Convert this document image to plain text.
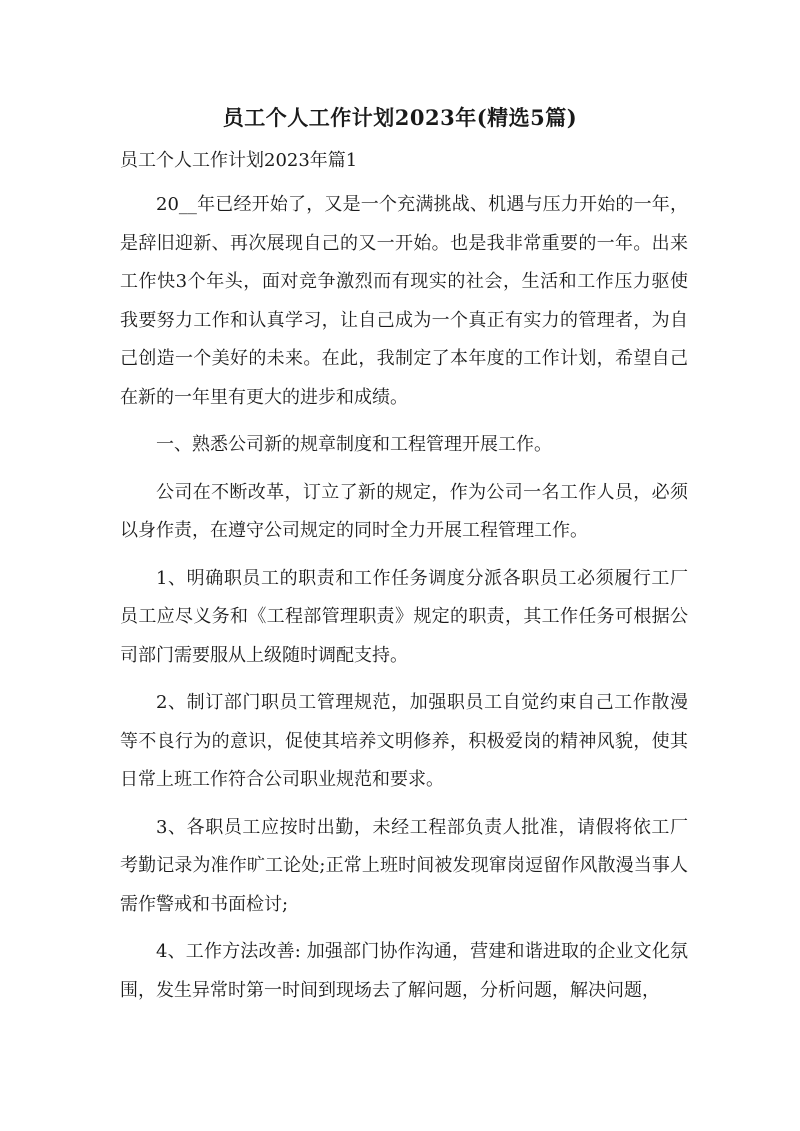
员工个人工作计划2023年(精选5篇)
员工个人工作计划2023年篇1

20__年已经开始了，又是一个充满挑战、机遇与压力开始的一年，是辞旧迎新、再次展现自己的又一开始。也是我非常重要的一年。出来工作快3个年头，面对竞争激烈而有现实的社会，生活和工作压力驱使我要努力工作和认真学习，让自己成为一个真正有实力的管理者，为自己创造一个美好的未来。在此，我制定了本年度的工作计划，希望自己在新的一年里有更大的进步和成绩。

一、熟悉公司新的规章制度和工程管理开展工作。

公司在不断改革，订立了新的规定，作为公司一名工作人员，必须以身作责，在遵守公司规定的同时全力开展工程管理工作。

1、明确职员工的职责和工作任务调度分派各职员工必须履行工厂员工应尽义务和《工程部管理职责》规定的职责，其工作任务可根据公司部门需要服从上级随时调配支持。

2、制订部门职员工管理规范，加强职员工自觉约束自己工作散漫等不良行为的意识，促使其培养文明修养，积极爱岗的精神风貌，使其日常上班工作符合公司职业规范和要求。

3、各职员工应按时出勤，未经工程部负责人批准，请假将依工厂考勤记录为准作旷工论处;正常上班时间被发现窜岗逗留作风散漫当事人需作警戒和书面检讨;

4、工作方法改善: 加强部门协作沟通，营建和谐进取的企业文化氛围，发生异常时第一时间到现场去了解问题，分析问题，解决问题，
